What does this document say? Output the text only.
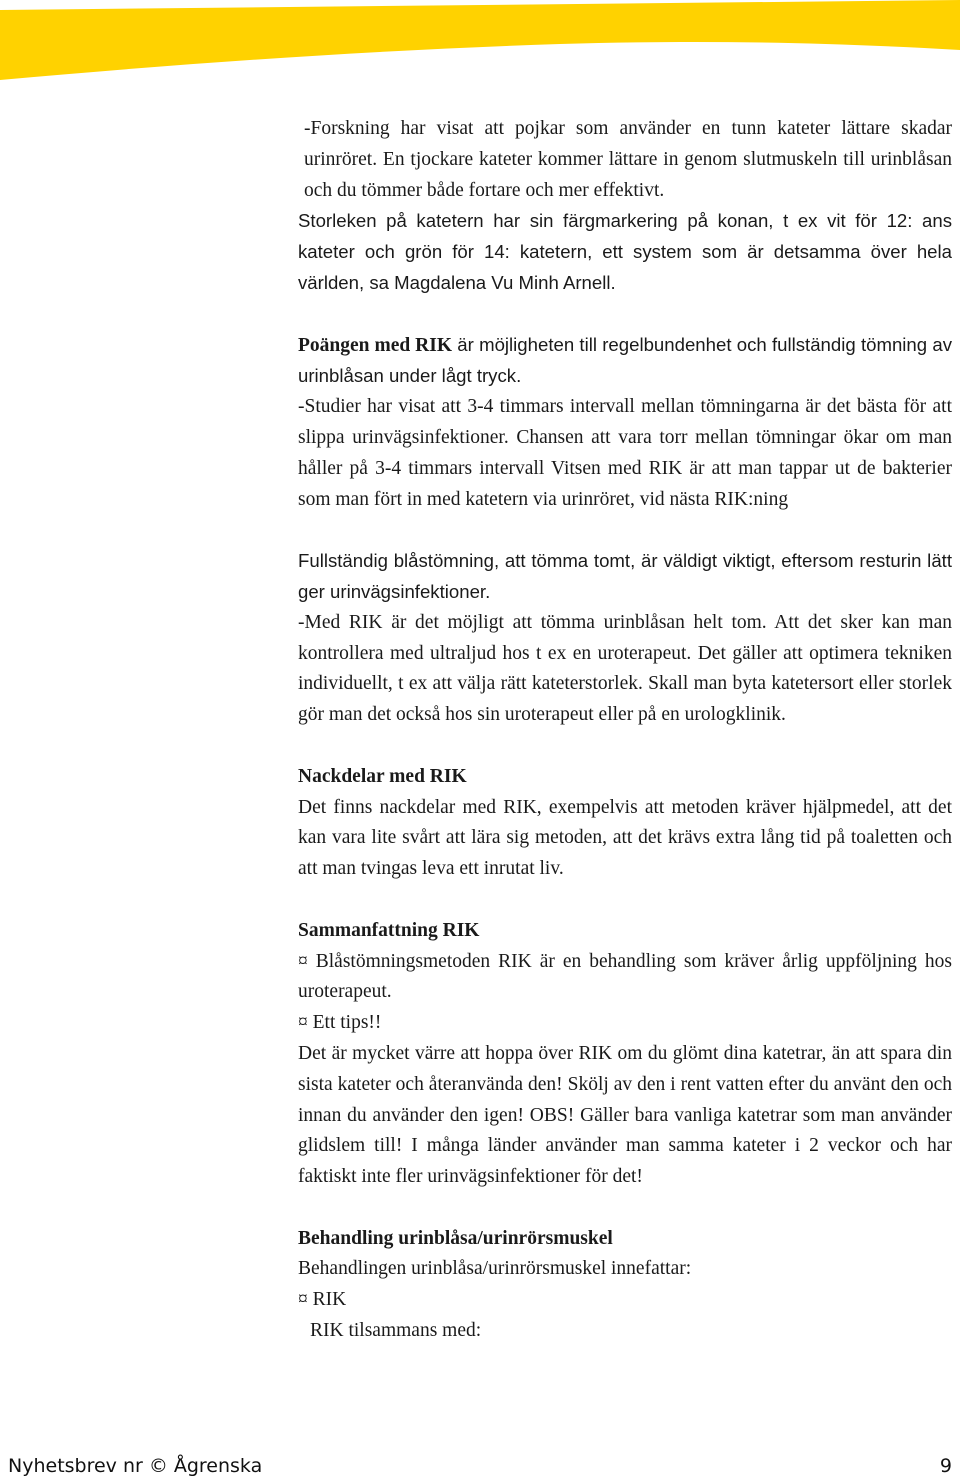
-Forskning har visat att pojkar som använder en tunn kateter lättare skadar urinröret. En tjockare kateter kommer lättare in genom slutmuskeln till urinblåsan och du tömmer både fortare och mer effektivt.

Storleken på katetern har sin färgmarkering på konan, t ex vit för 12: ans kateter och grön för 14: katetern, ett system som är detsamma över hela världen, sa Magdalena Vu Minh Arnell.

Poängen med RIK är möjligheten till regelbundenhet och fullständig tömning av urinblåsan under lågt tryck.

-Studier har visat att 3-4 timmars intervall mellan tömningarna är det bästa för att slippa urinvägsinfektioner. Chansen att vara torr mellan tömningar ökar om man håller på 3-4 timmars intervall Vitsen med RIK är att man tappar ut de bakterier som man fört in med katetern via urinröret, vid nästa RIK:ning

Fullständig blåstömning, att tömma tomt, är väldigt viktigt, eftersom resturin lätt ger urinvägsinfektioner.

-Med RIK är det möjligt att tömma urinblåsan helt tom. Att det sker kan man kontrollera med ultraljud hos t ex en uroterapeut. Det gäller att optimera tekniken individuellt, t ex att välja rätt kateterstorlek. Skall man byta katetersort eller storlek gör man det också hos sin uroterapeut eller på en urologklinik.

Nackdelar med RIK

Det finns nackdelar med RIK, exempelvis att metoden kräver hjälpmedel, att det kan vara lite svårt att lära sig metoden, att det krävs extra lång tid på toaletten och att man tvingas leva ett inrutat liv.

Sammanfattning RIK

¤ Blåstömningsmetoden RIK är en behandling som kräver årlig uppföljning hos uroterapeut.

¤ Ett tips!!

Det är mycket värre att hoppa över RIK om du glömt dina katetrar, än att spara din sista kateter och återanvända den! Skölj av den i rent vatten efter du använt den och innan du använder den igen! OBS! Gäller bara vanliga katetrar som man använder glidslem till! I många länder använder man samma kateter i 2 veckor och har faktiskt inte fler urinvägsinfektioner för det!

Behandling urinblåsa/urinrörsmuskel

Behandlingen urinblåsa/urinrörsmuskel innefattar:

¤ RIK

RIK tilsammans med:

Nyhetsbrev nr © Ågrenska	9
